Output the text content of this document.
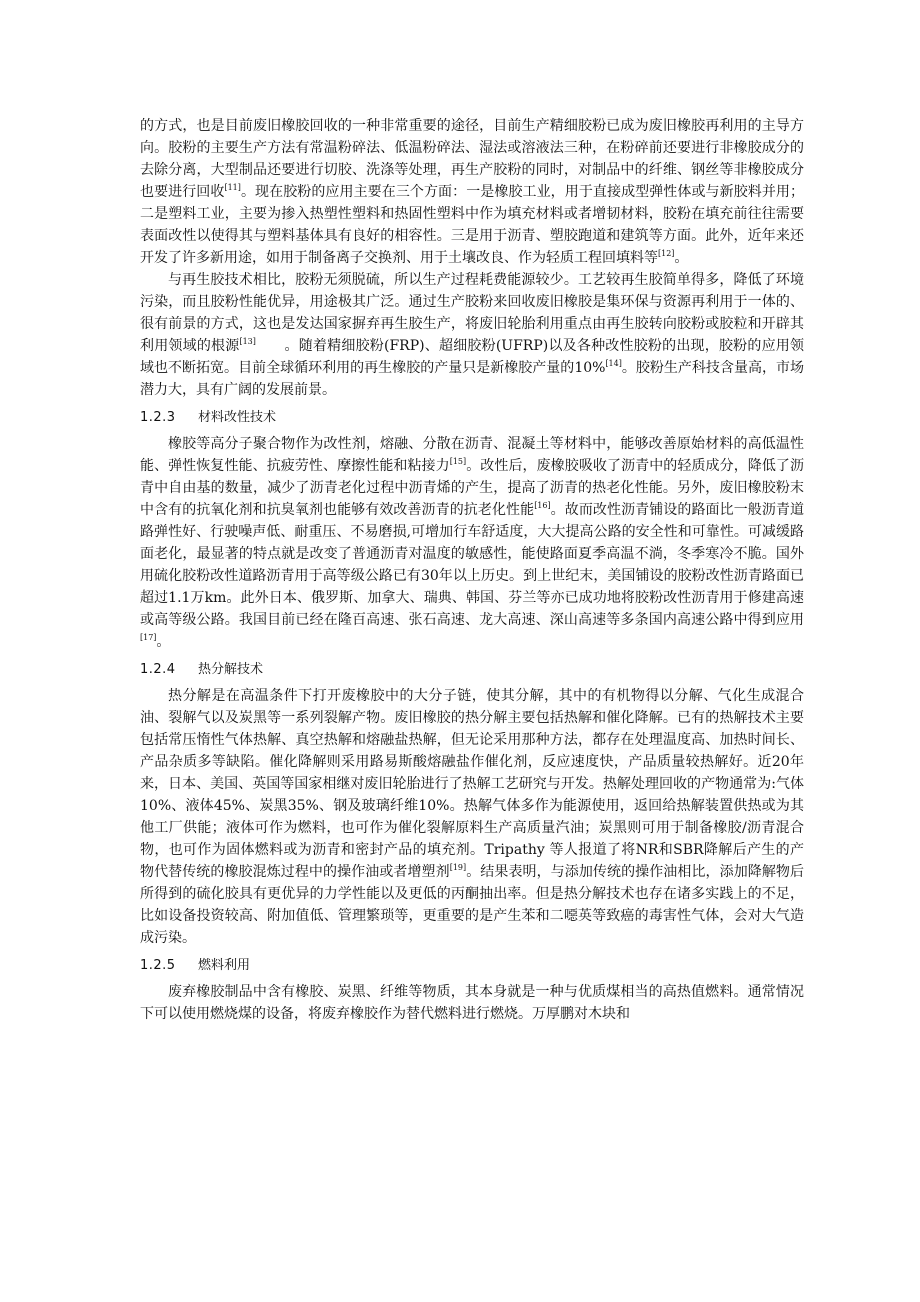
的方式，也是目前废旧橡胶回收的一种非常重要的途径，目前生产精细胶粉已成为废旧橡胶再利用的主导方向。胶粉的主要生产方法有常温粉碎法、低温粉碎法、湿法或溶液法三种，在粉碎前还要进行非橡胶成分的去除分离，大型制品还要进行切胶、洗涤等处理，再生产胶粉的同时，对制品中的纤维、钢丝等非橡胶成分也要进行回收[11]。现在胶粉的应用主要在三个方面：一是橡胶工业，用于直接成型弹性体或与新胶料并用；二是塑料工业，主要为掺入热塑性塑料和热固性塑料中作为填充材料或者增韧材料，胶粉在填充前往往需要表面改性以使得其与塑料基体具有良好的相容性。三是用于沥青、塑胶跑道和建筑等方面。此外，近年来还开发了许多新用途，如用于制备离子交换剂、用于土壤改良、作为轻质工程回填料等[12]。

与再生胶技术相比，胶粉无须脱硫，所以生产过程耗费能源较少。工艺较再生胶简单得多，降低了环境污染，而且胶粉性能优异，用途极其广泛。通过生产胶粉来回收废旧橡胶是集环保与资源再利用于一体的、很有前景的方式，这也是发达国家摒弃再生胶生产，将废旧轮胎利用重点由再生胶转向胶粉或胶粒和开辟其利用领域的根源[13]　　。随着精细胶粉(FRP)、超细胶粉(UFRP)以及各种改性胶粉的出现，胶粉的应用领域也不断拓宽。目前全球循环利用的再生橡胶的产量只是新橡胶产量的10%[14]。胶粉生产科技含量高，市场潜力大，具有广阔的发展前景。

1.2.3 材料改性技术

橡胶等高分子聚合物作为改性剂，熔融、分散在沥青、混凝土等材料中，能够改善原始材料的高低温性能、弹性恢复性能、抗疲劳性、摩擦性能和粘接力[15]。改性后，废橡胶吸收了沥青中的轻质成分，降低了沥青中自由基的数量，减少了沥青老化过程中沥青烯的产生，提高了沥青的热老化性能。另外，废旧橡胶粉末中含有的抗氧化剂和抗臭氧剂也能够有效改善沥青的抗老化性能[16]。故而改性沥青铺设的路面比一般沥青道路弹性好、行驶噪声低、耐重压、不易磨损,可增加行车舒适度，大大提高公路的安全性和可靠性。可减缓路面老化，最显著的特点就是改变了普通沥青对温度的敏感性，能使路面夏季高温不淌，冬季寒冷不脆。国外用硫化胶粉改性道路沥青用于高等级公路已有30年以上历史。到上世纪末，美国铺设的胶粉改性沥青路面已超过1.1万km。此外日本、俄罗斯、加拿大、瑞典、韩国、芬兰等亦已成功地将胶粉改性沥青用于修建高速或高等级公路。我国目前已经在隆百高速、张石高速、龙大高速、深山高速等多条国内高速公路中得到应用[17]。

1.2.4 热分解技术

热分解是在高温条件下打开废橡胶中的大分子链，使其分解，其中的有机物得以分解、气化生成混合油、裂解气以及炭黑等一系列裂解产物。废旧橡胶的热分解主要包括热解和催化降解。已有的热解技术主要包括常压惰性气体热解、真空热解和熔融盐热解，但无论采用那种方法，都存在处理温度高、加热时间长、产品杂质多等缺陷。催化降解则采用路易斯酸熔融盐作催化剂，反应速度快，产品质量较热解好。近20年来，日本、美国、英国等国家相继对废旧轮胎进行了热解工艺研究与开发。热解处理回收的产物通常为:气体10%、液体45%、炭黑35%、钢及玻璃纤维10%。热解气体多作为能源使用，返回给热解装置供热或为其他工厂供能；液体可作为燃料，也可作为催化裂解原料生产高质量汽油；炭黑则可用于制备橡胶/沥青混合物，也可作为固体燃料或为沥青和密封产品的填充剂。Tripathy 等人报道了将NR和SBR降解后产生的产物代替传统的橡胶混炼过程中的操作油或者增塑剂[19]。结果表明，与添加传统的操作油相比，添加降解物后所得到的硫化胶具有更优异的力学性能以及更低的丙酮抽出率。但是热分解技术也存在诸多实践上的不足，比如设备投资较高、附加值低、管理繁琐等，更重要的是产生苯和二噁英等致癌的毒害性气体，会对大气造成污染。

1.2.5 燃料利用

废弃橡胶制品中含有橡胶、炭黑、纤维等物质，其本身就是一种与优质煤相当的高热值燃料。通常情况下可以使用燃烧煤的设备，将废弃橡胶作为替代燃料进行燃烧。万厚鹏对木块和
